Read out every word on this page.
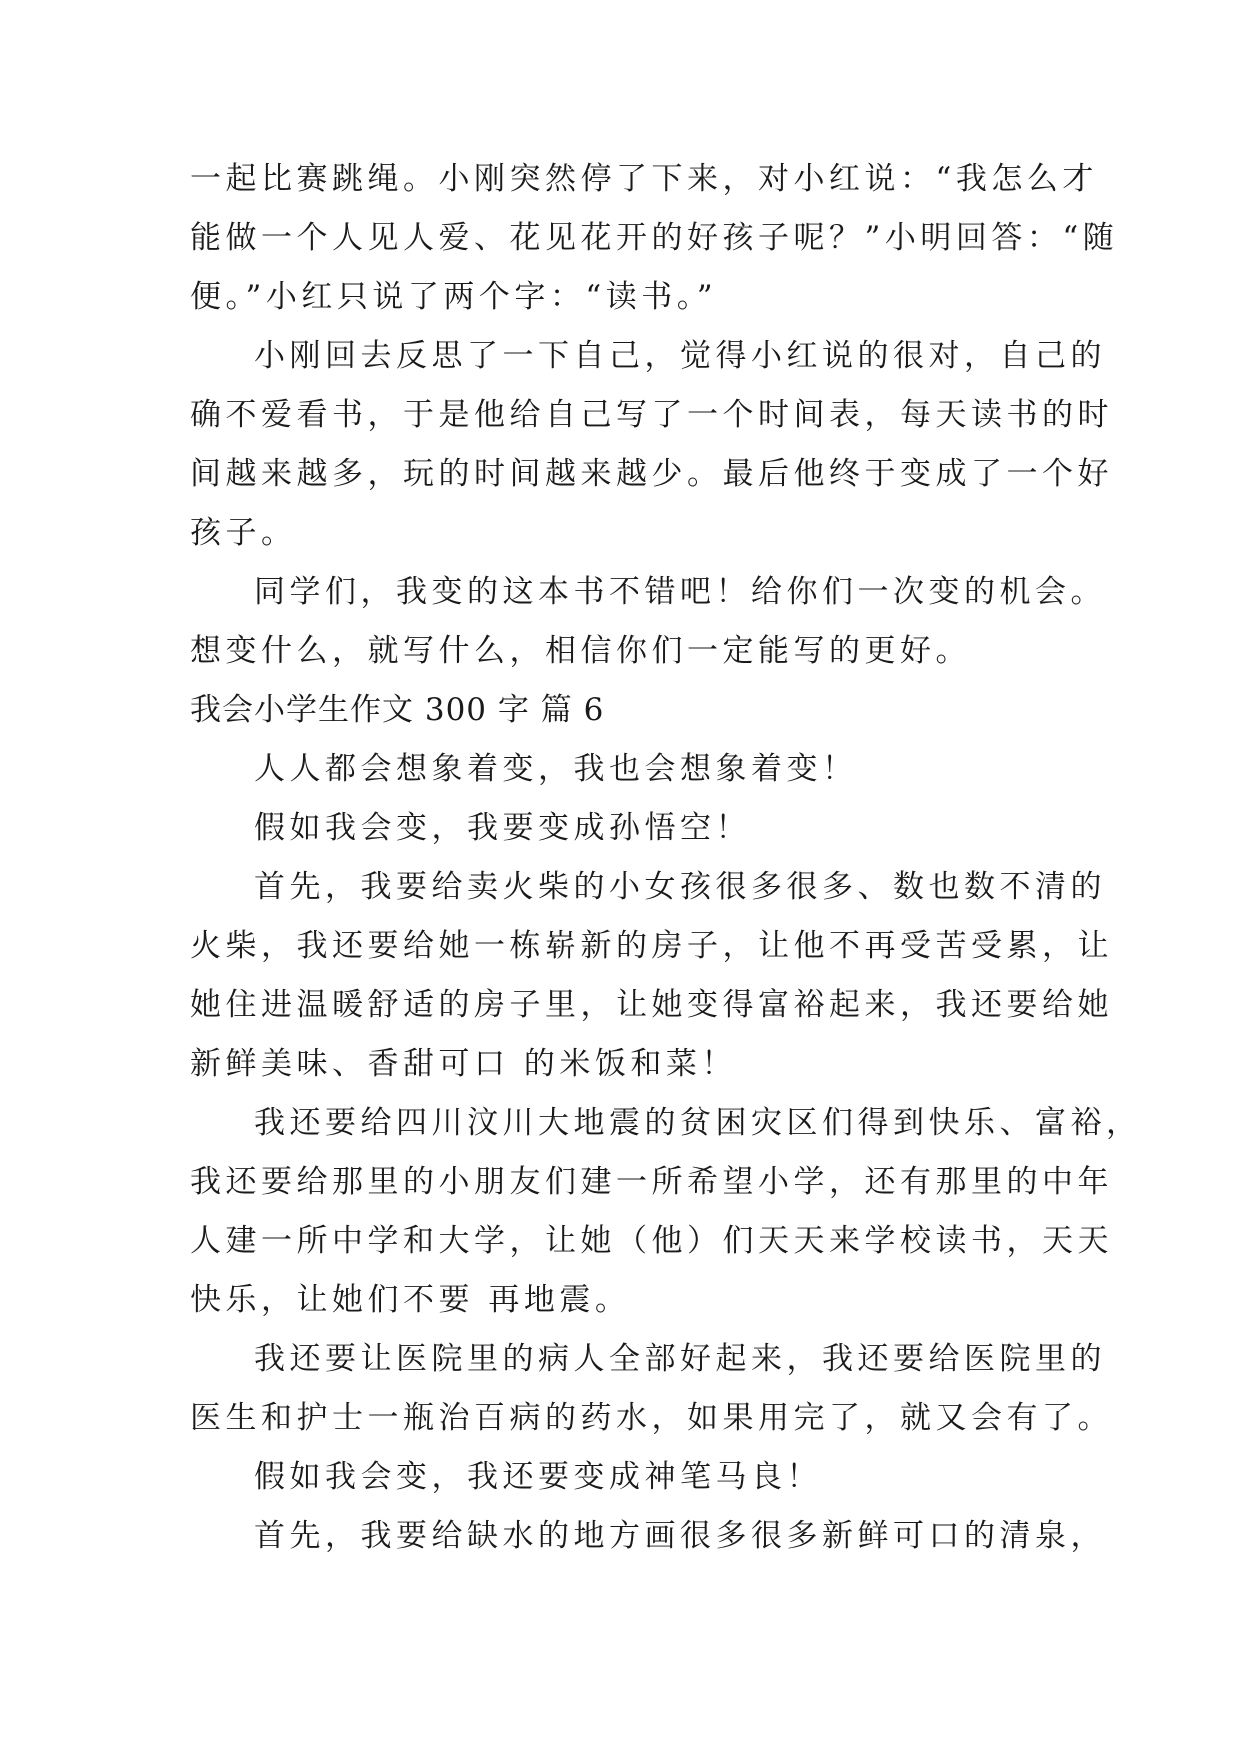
一起比赛跳绳。小刚突然停了下来，对小红说：“我怎么才
能做一个人见人爱、花见花开的好孩子呢？”小明回答：“随
便。”小红只说了两个字：“读书。”
小刚回去反思了一下自己，觉得小红说的很对，自己的
确不爱看书，于是他给自己写了一个时间表，每天读书的时
间越来越多，玩的时间越来越少。最后他终于变成了一个好
孩子。
同学们，我变的这本书不错吧！给你们一次变的机会。
想变什么，就写什么，相信你们一定能写的更好。
我会小学生作文 300 字 篇 6
人人都会想象着变，我也会想象着变！
假如我会变，我要变成孙悟空！
首先，我要给卖火柴的小女孩很多很多、数也数不清的
火柴，我还要给她一栋崭新的房子，让他不再受苦受累，让
她住进温暖舒适的房子里，让她变得富裕起来，我还要给她
新鲜美味、香甜可口 的米饭和菜！
我还要给四川汶川大地震的贫困灾区们得到快乐、富裕，
我还要给那里的小朋友们建一所希望小学，还有那里的中年
人建一所中学和大学，让她（他）们天天来学校读书，天天
快乐，让她们不要 再地震。
我还要让医院里的病人全部好起来，我还要给医院里的
医生和护士一瓶治百病的药水，如果用完了，就又会有了。
假如我会变，我还要变成神笔马良！
首先，我要给缺水的地方画很多很多新鲜可口的清泉，
